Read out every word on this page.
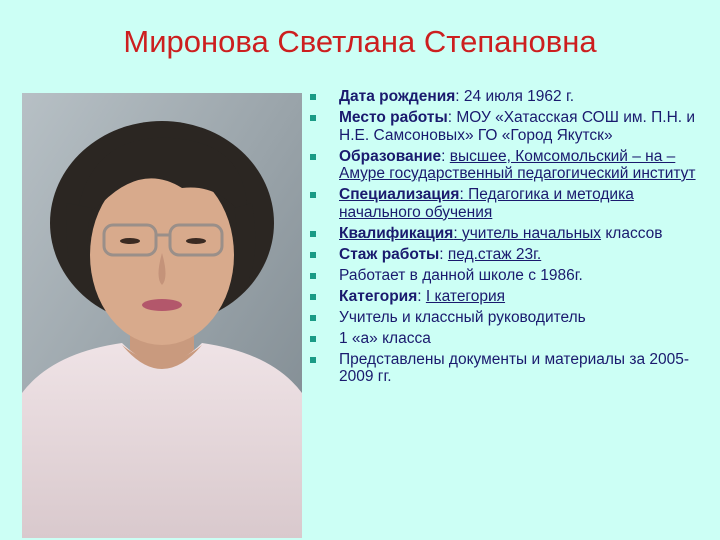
Миронова Светлана Степановна
Дата рождения: 24 июля 1962 г.
Место работы: МОУ «Хатасская СОШ им. П.Н. и Н.Е. Самсоновых» ГО «Город Якутск»
Образование: высшее, Комсомольский – на – Амуре государственный педагогический институт
Специализация: Педагогика и методика начального обучения
Квалификация: учитель начальных классов
Стаж работы: пед.стаж 23г.
Работает в данной школе с 1986г.
Категория: I категория
Учитель и классный руководитель
1 «а» класса
Представлены документы и материалы за 2005-2009 гг.
